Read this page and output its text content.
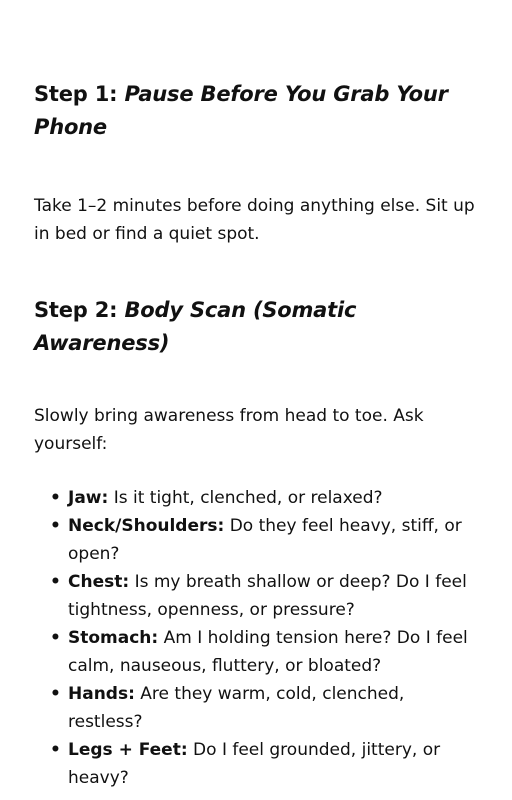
Step 1: Pause Before You Grab Your Phone

Take 1–2 minutes before doing anything else. Sit up in bed or find a quiet spot.

Step 2: Body Scan (Somatic Awareness)

Slowly bring awareness from head to toe. Ask yourself:

• Jaw: Is it tight, clenched, or relaxed?
• Neck/Shoulders: Do they feel heavy, stiff, or open?
• Chest: Is my breath shallow or deep? Do I feel tightness, openness, or pressure?
• Stomach: Am I holding tension here? Do I feel calm, nauseous, fluttery, or bloated?
• Hands: Are they warm, cold, clenched, restless?
• Legs + Feet: Do I feel grounded, jittery, or heavy?
